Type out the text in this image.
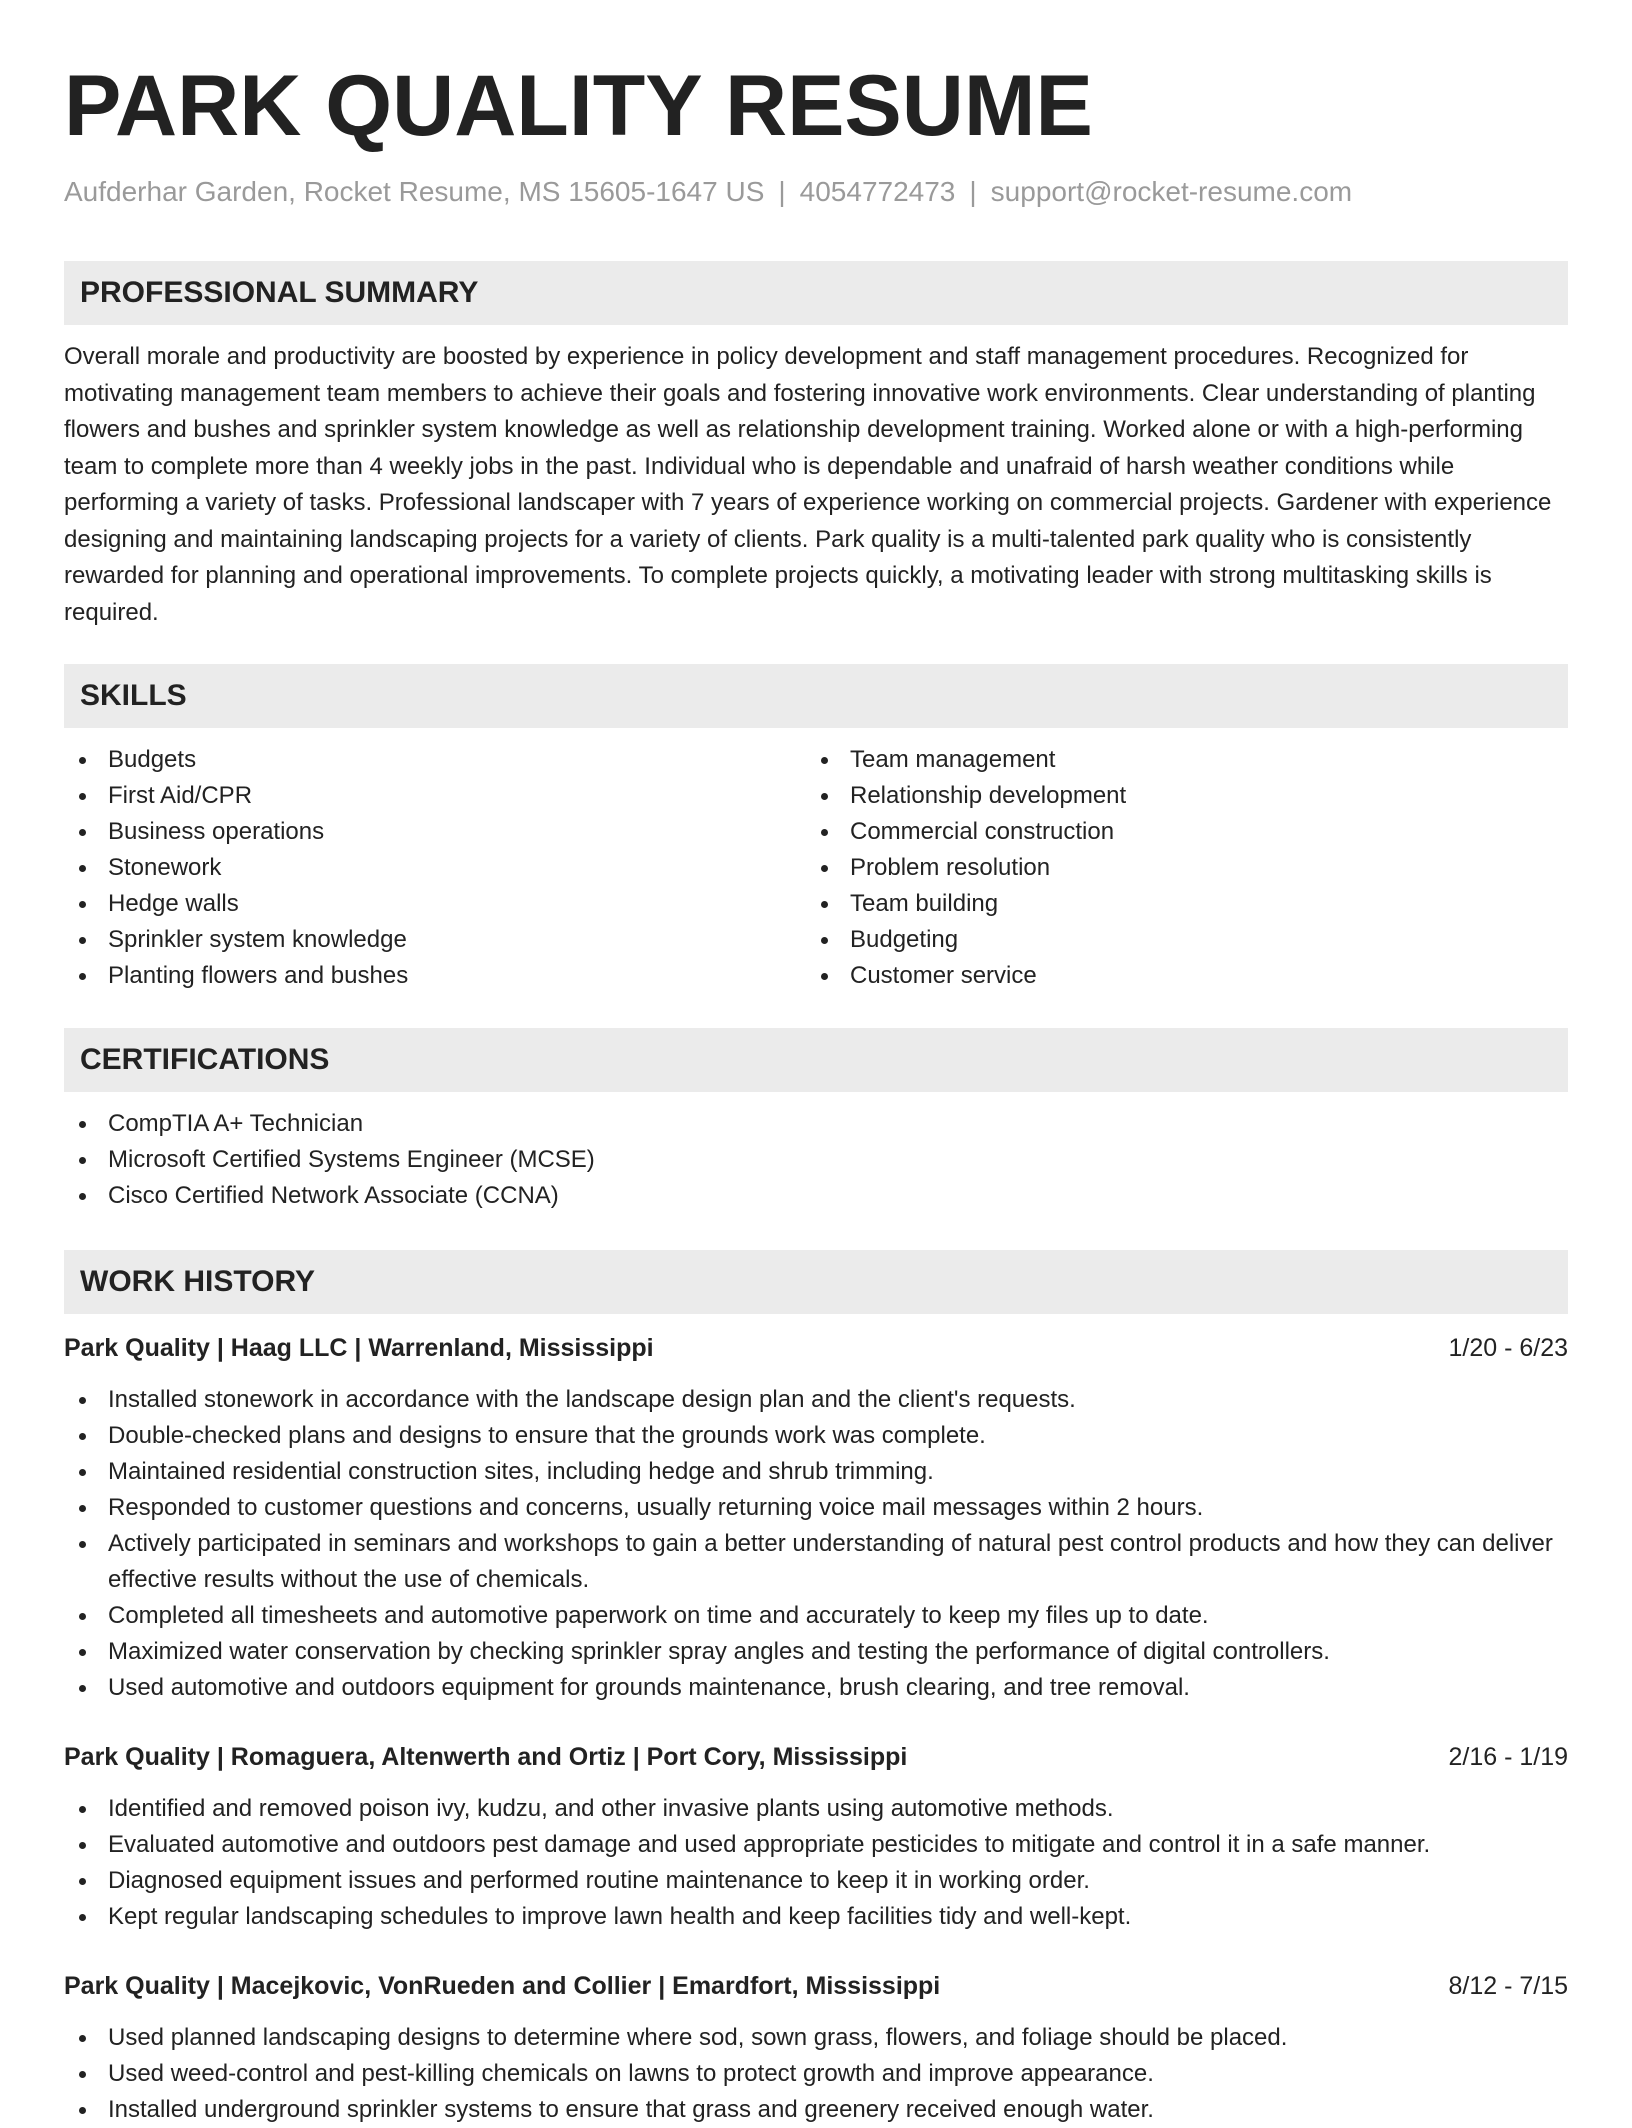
PARK QUALITY RESUME
Aufderhar Garden, Rocket Resume, MS 15605-1647 US | 4054772473 | support@rocket-resume.com
PROFESSIONAL SUMMARY

Overall morale and productivity are boosted by experience in policy development and staff management procedures. Recognized for motivating management team members to achieve their goals and fostering innovative work environments. Clear understanding of planting flowers and bushes and sprinkler system knowledge as well as relationship development training. Worked alone or with a high-performing team to complete more than 4 weekly jobs in the past. Individual who is dependable and unafraid of harsh weather conditions while performing a variety of tasks. Professional landscaper with 7 years of experience working on commercial projects. Gardener with experience designing and maintaining landscaping projects for a variety of clients. Park quality is a multi-talented park quality who is consistently rewarded for planning and operational improvements. To complete projects quickly, a motivating leader with strong multitasking skills is required.

SKILLS
Budgets
First Aid/CPR
Business operations
Stonework
Hedge walls
Sprinkler system knowledge
Planting flowers and bushes
Team management
Relationship development
Commercial construction
Problem resolution
Team building
Budgeting
Customer service
CERTIFICATIONS
CompTIA A+ Technician
Microsoft Certified Systems Engineer (MCSE)
Cisco Certified Network Associate (CCNA)
WORK HISTORY
Park Quality | Haag LLC | Warrenland, Mississippi	1/20 - 6/23
Installed stonework in accordance with the landscape design plan and the client's requests.
Double-checked plans and designs to ensure that the grounds work was complete.
Maintained residential construction sites, including hedge and shrub trimming.
Responded to customer questions and concerns, usually returning voice mail messages within 2 hours.
Actively participated in seminars and workshops to gain a better understanding of natural pest control products and how they can deliver effective results without the use of chemicals.
Completed all timesheets and automotive paperwork on time and accurately to keep my files up to date.
Maximized water conservation by checking sprinkler spray angles and testing the performance of digital controllers.
Used automotive and outdoors equipment for grounds maintenance, brush clearing, and tree removal.
Park Quality | Romaguera, Altenwerth and Ortiz | Port Cory, Mississippi	2/16 - 1/19
Identified and removed poison ivy, kudzu, and other invasive plants using automotive methods.
Evaluated automotive and outdoors pest damage and used appropriate pesticides to mitigate and control it in a safe manner.
Diagnosed equipment issues and performed routine maintenance to keep it in working order.
Kept regular landscaping schedules to improve lawn health and keep facilities tidy and well-kept.
Park Quality | Macejkovic, VonRueden and Collier | Emardfort, Mississippi	8/12 - 7/15
Used planned landscaping designs to determine where sod, sown grass, flowers, and foliage should be placed.
Used weed-control and pest-killing chemicals on lawns to protect growth and improve appearance.
Installed underground sprinkler systems to ensure that grass and greenery received enough water.
